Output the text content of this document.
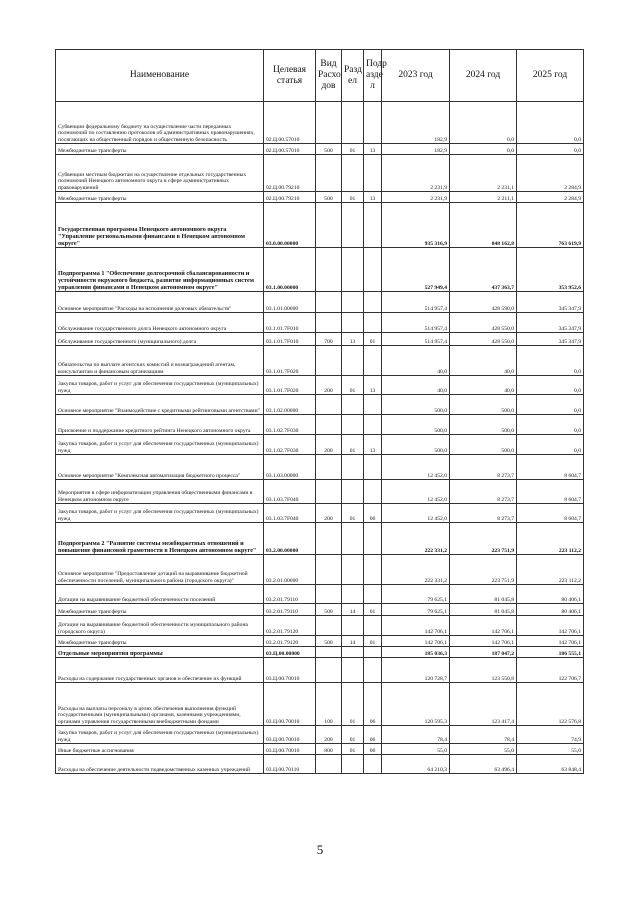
Наименование	Целевая статья	Вид Расхо дов	Разд ел	Подр азде л	2023 год	2024 год	2025 год
Субвенции федеральному бюджету на осуществление части переданных полномочий по составлению протоколов об административных правонарушениях, посягающих на общественный порядок и общественную безопасность	02.Ц.00.57010				182,9	0,0	0,0
Межбюджетные трансферты	02.Ц.00.57010	500	01	13	182,9	0,0	0,0
Субвенции местным бюджетам на осуществление отдельных государственных полномочий Ненецкого автономного округа в сфере административных правонарушений	02.Ц.00.79210				2 231,9	2 231,1	2 284,9
Межбюджетные трансферты	02.Ц.00.79210	500	01	13	2 231,9	2 211,1	2 284,9
Государственная программа Ненецкого автономного округа "Управление региональными финансами в Ненецком автономном округе"	03.0.00.00000				935 316,9	848 162,8	763 619,9
Подпрограмма 1 "Обеспечение долгосрочной сбалансированности и устойчивости окружного бюджета, развитие информационных систем управления финансами в Ненецком автономном округе"	03.1.00.00000				527 949,4	437 363,7	353 952,6
Основное мероприятие "Расходы на исполнение долговых обязательств"	03.1.01.00000				514 957,4	428 590,0	345 347,9
Обслуживание государственного долга Ненецкого автономного округа	03.1.01.7F010				514 957,4	428 550,0	345 347,9
Обслуживание государственного (муниципального) долга	03.1.01.7F010	700	13	01	514 957,4	428 550,0	345 347,9
Обязательства по выплате агентских комиссий и вознаграждений агентам, консультантам и финансовым организациям	03.1.01.7F020				40,0	40,0	0,0
Закупка товаров, работ и услуг для обеспечения государственных (муниципальных) нужд	03.1.01.7F020	200	01	13	40,0	40,0	0,0
Основное мероприятие "Взаимодействие с кредитными рейтинговыми агентствами"	03.1.02.00000				500,0	500,0	0,0
Присвоение и поддержание кредитного рейтинга Ненецкого автономного округа	03.1.02.7F030				500,0	500,0	0,0
Закупка товаров, работ и услуг для обеспечения государственных (муниципальных) нужд	03.1.02.7F030	200	01	13	500,0	500,0	0,0
Основное мероприятие "Комплексная автоматизация бюджетного процесса"	03.1.03.00000				12 452,0	8 273,7	8 604,7
Мероприятия в сфере информатизации управления общественными финансами в Ненецком автономном округе	03.1.03.7F040				12 452,0	8 273,7	8 604,7
Закупка товаров, работ и услуг для обеспечения государственных (муниципальных) нужд	03.1.03.7F040	200	01	06	12 452,0	8 273,7	8 604,7
Подпрограмма 2 "Развитие системы межбюджетных отношений и повышение финансовой грамотности в Ненецком автономном округе"	03.2.00.00000				222 331,2	223 751,9	223 112,2
Основное мероприятие "Предоставление дотаций на выравнивание бюджетной обеспеченности поселений, муниципального района (городского округа)"	03.2.01.00000				222 331,2	223 751,9	223 112,2
Дотации на выравнивание бюджетной обеспеченности поселений	03.2.01.79110				79 625,1	81 045,8	80 406,1
Межбюджетные трансферты	03.2.01.79110	500	14	01	79 625,1	81 045,8	80 406,1
Дотации на выравнивание бюджетной обеспеченности муниципального района (городского округа)	03.2.01.79120				142 706,1	142 706,1	142 706,1
Межбюджетные трансферты	03.2.01.79120	500	14	01	142 706,1	142 706,1	142 706,1
Отдельные мероприятия программы	03.Ц.00.00000				185 036,3	187 047,2	186 555,1
Расходы на содержание государственных органов и обеспечение их функций	03.Ц.00.70010				120 728,7	123 550,8	122 706,7
Расходы на выплаты персоналу в целях обеспечения выполнения функций государственными (муниципальными) органами, казенными учреждениями, органами управления государственными внебюджетными фондами	03.Ц.00.70010	100	01	06	120 595,3	123 417,4	122 576,8
Закупка товаров, работ и услуг для обеспечения государственных (муниципальных) нужд	03.Ц.00.70010	200	01	06	78,4	78,4	74,9
Иные бюджетные ассигнования	03.Ц.00.70010	800	01	06	55,0	55,0	55,0
Расходы на обеспечение деятельности подведомственных казенных учреждений	03.Ц.00.70110				64 210,3	63 496,4	63 848,4
5
